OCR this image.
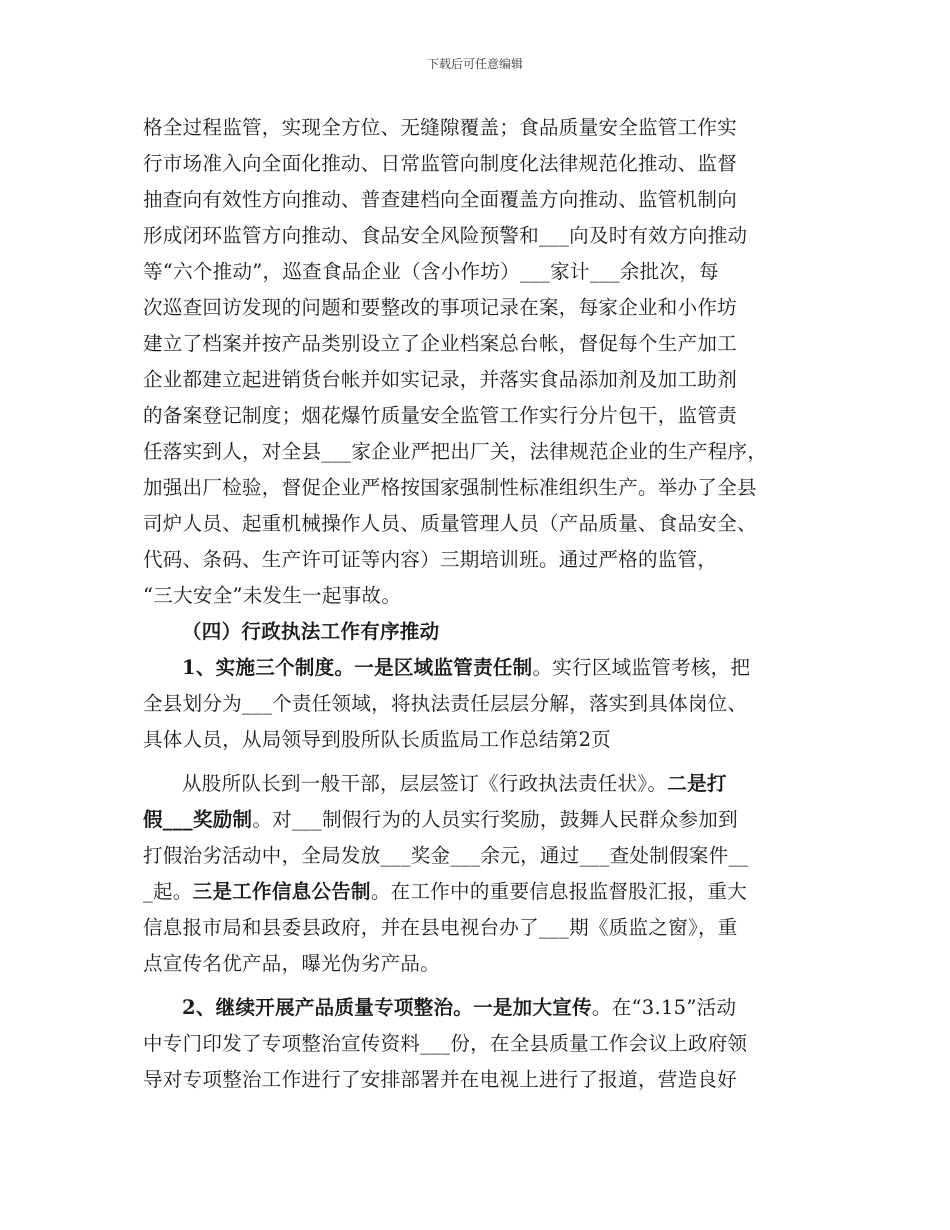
下载后可任意编辑
格全过程监管，实现全方位、无缝隙覆盖；食品质量安全监管工作实
行市场准入向全面化推动、日常监管向制度化法律规范化推动、监督
抽查向有效性方向推动、普查建档向全面覆盖方向推动、监管机制向
形成闭环监管方向推动、食品安全风险预警和___向及时有效方向推动
等“六个推动”，巡查食品企业（含小作坊）___家计___余批次，每
次巡查回访发现的问题和要整改的事项记录在案，每家企业和小作坊
建立了档案并按产品类别设立了企业档案总台帐，督促每个生产加工
企业都建立起进销货台帐并如实记录，并落实食品添加剂及加工助剂
的备案登记制度；烟花爆竹质量安全监管工作实行分片包干，监管责
任落实到人，对全县___家企业严把出厂关，法律规范企业的生产程序，
加强出厂检验，督促企业严格按国家强制性标准组织生产。举办了全县
司炉人员、起重机械操作人员、质量管理人员（产品质量、食品安全、
代码、条码、生产许可证等内容）三期培训班。通过严格的监管，
“三大安全”未发生一起事故。
（四）行政执法工作有序推动
1、实施三个制度。一是区域监管责任制。实行区域监管考核，把
全县划分为___个责任领域，将执法责任层层分解，落实到具体岗位、
具体人员，从局领导到股所队长质监局工作总结第2页
从股所队长到一般干部，层层签订《行政执法责任状》。二是打
假___奖励制。对___制假行为的人员实行奖励，鼓舞人民群众参加到
打假治劣活动中，全局发放___奖金___余元，通过___查处制假案件__
_起。三是工作信息公告制。在工作中的重要信息报监督股汇报，重大
信息报市局和县委县政府，并在县电视台办了___期《质监之窗》，重
点宣传名优产品，曝光伪劣产品。
2、继续开展产品质量专项整治。一是加大宣传。在“3.15”活动
中专门印发了专项整治宣传资料___份，在全县质量工作会议上政府领
导对专项整治工作进行了安排部署并在电视上进行了报道，营造良好
